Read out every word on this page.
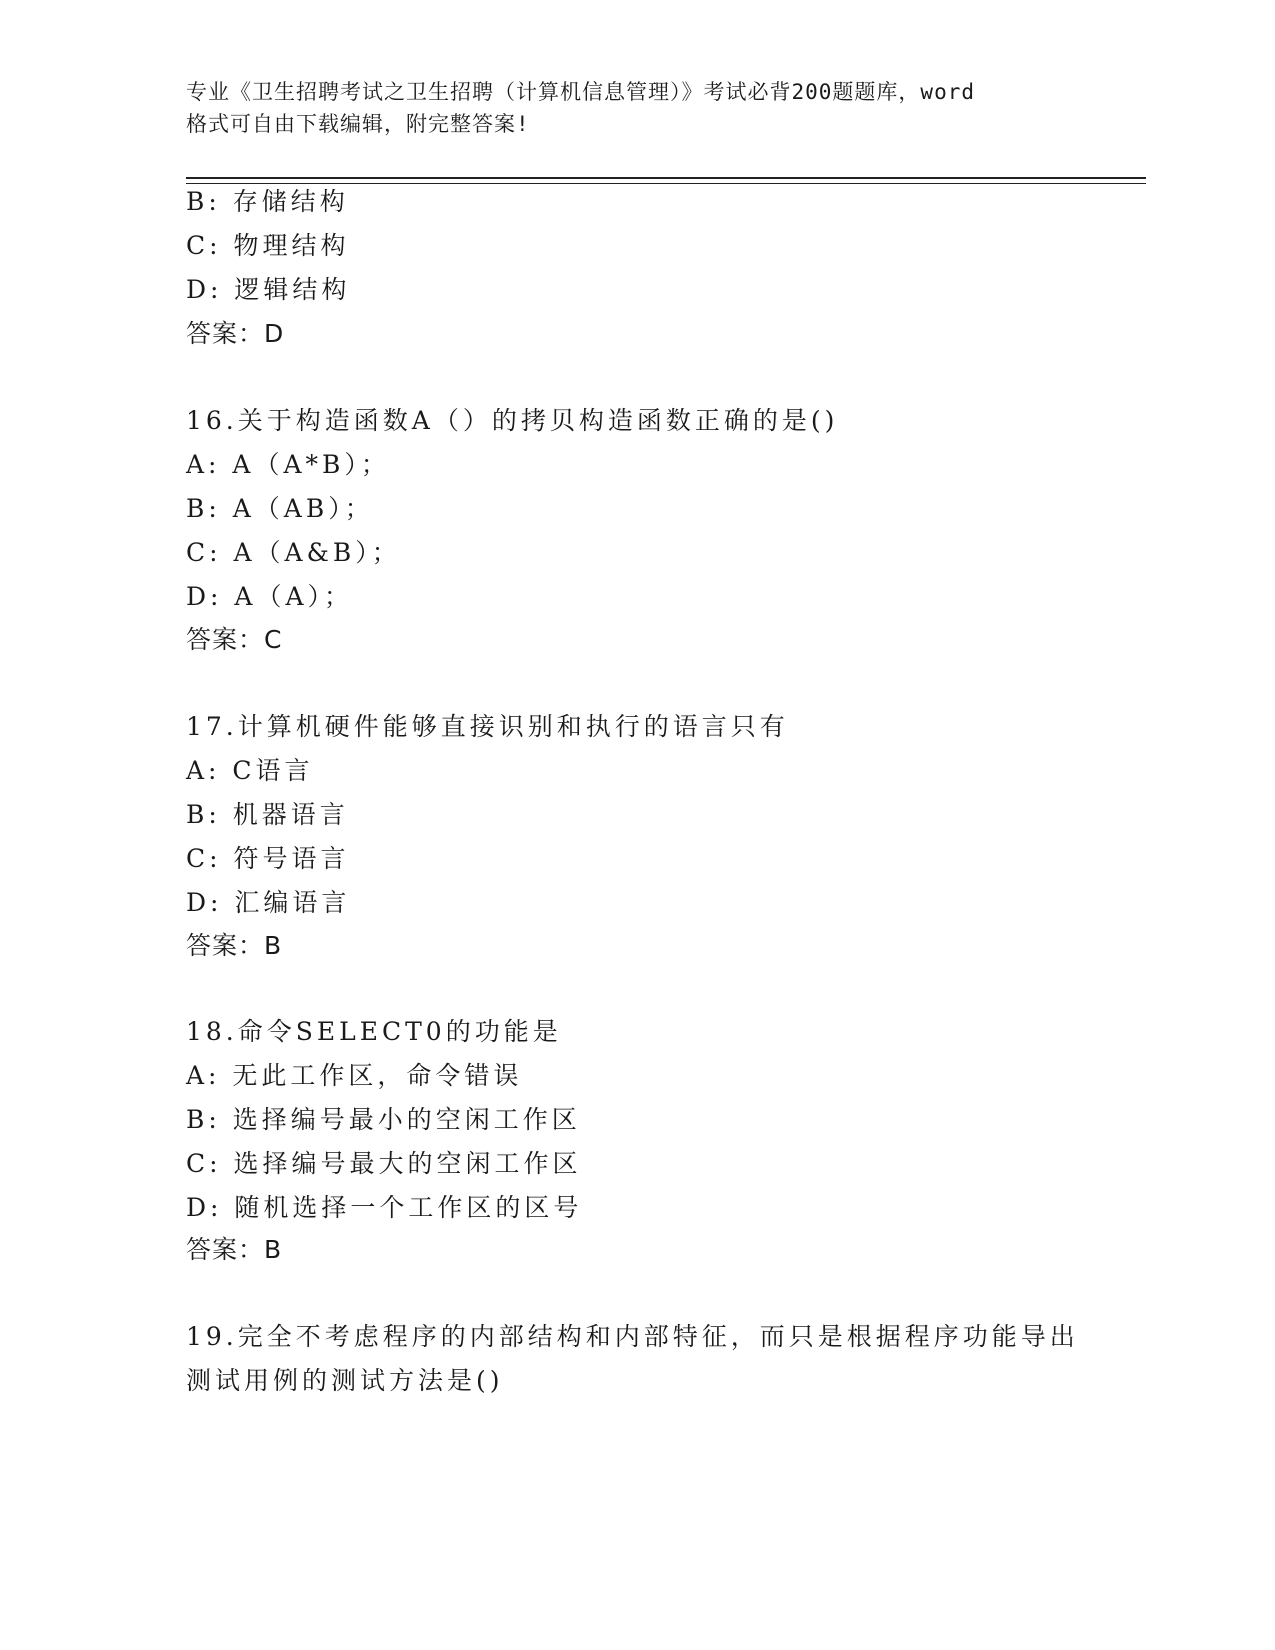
专业《卫生招聘考试之卫生招聘（计算机信息管理）》考试必背200题题库，word
格式可自由下载编辑，附完整答案!
B: 存储结构
C: 物理结构
D: 逻辑结构
答案：D
16.关于构造函数A（）的拷贝构造函数正确的是()
A: A（A*B）；
B: A（AB）；
C: A（A&B）；
D: A（A）；
答案：C
17.计算机硬件能够直接识别和执行的语言只有
A: C语言
B: 机器语言
C: 符号语言
D: 汇编语言
答案：B
18.命令SELECT0的功能是
A: 无此工作区，命令错误
B: 选择编号最小的空闲工作区
C: 选择编号最大的空闲工作区
D: 随机选择一个工作区的区号
答案：B
19.完全不考虑程序的内部结构和内部特征，而只是根据程序功能导出
测试用例的测试方法是()
